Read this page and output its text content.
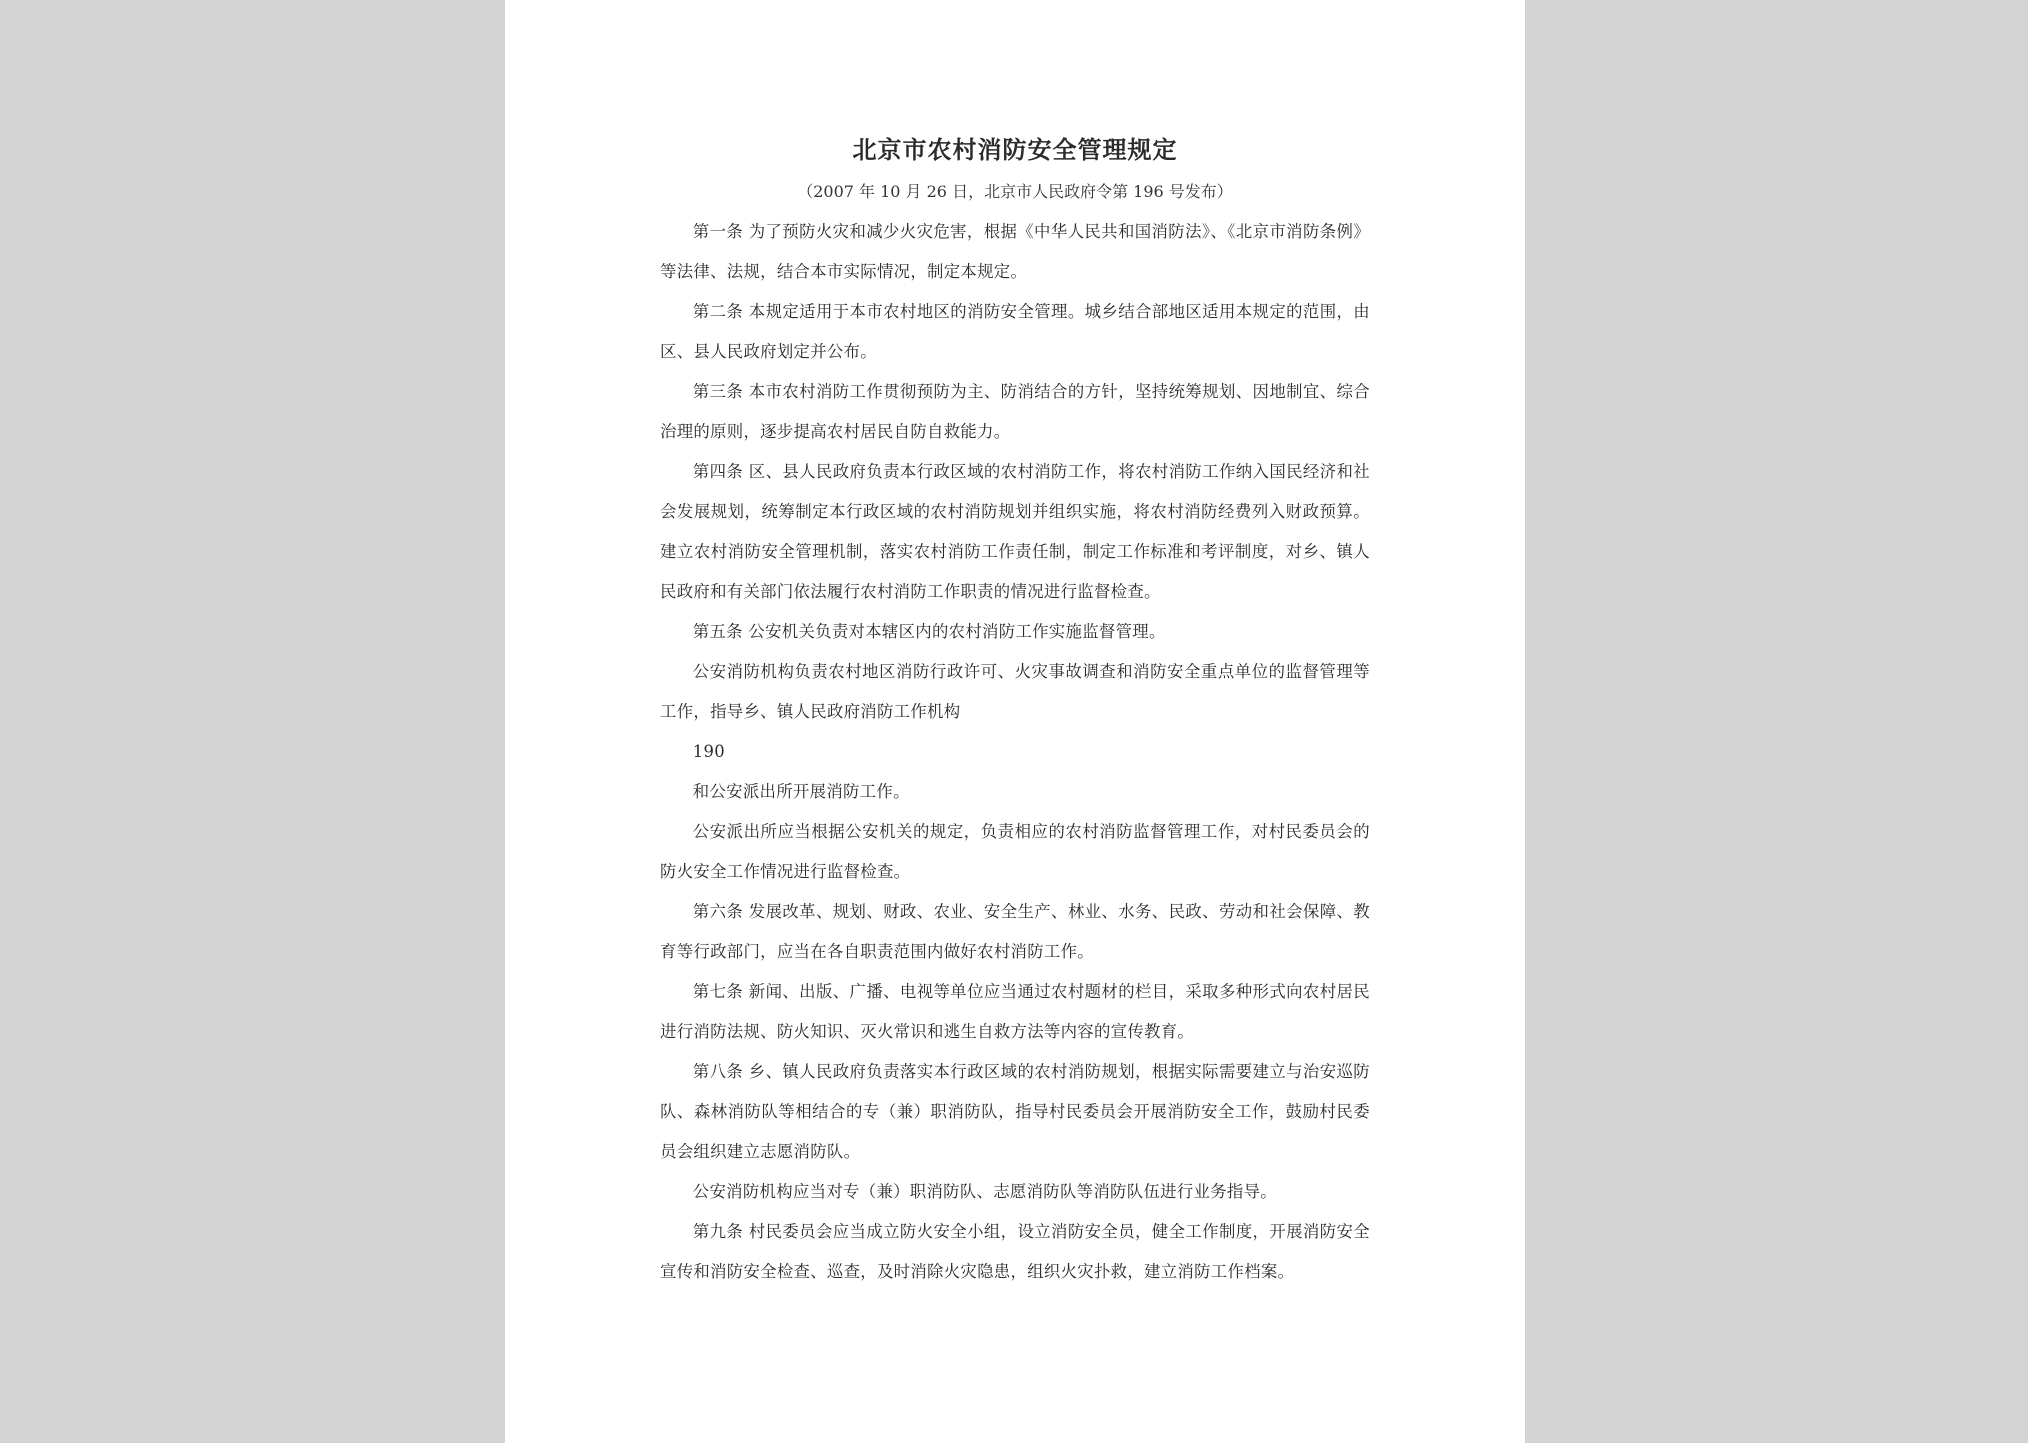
北京市农村消防安全管理规定
（2007 年 10 月 26 日，北京市人民政府令第 196 号发布）

第一条 为了预防火灾和减少火灾危害，根据《中华人民共和国消防法》、《北京市消防条例》等法律、法规，结合本市实际情况，制定本规定。

第二条 本规定适用于本市农村地区的消防安全管理。城乡结合部地区适用本规定的范围，由区、县人民政府划定并公布。

第三条 本市农村消防工作贯彻预防为主、防消结合的方针，坚持统筹规划、因地制宜、综合治理的原则，逐步提高农村居民自防自救能力。

第四条 区、县人民政府负责本行政区域的农村消防工作，将农村消防工作纳入国民经济和社会发展规划，统筹制定本行政区域的农村消防规划并组织实施，将农村消防经费列入财政预算。建立农村消防安全管理机制，落实农村消防工作责任制，制定工作标准和考评制度，对乡、镇人民政府和有关部门依法履行农村消防工作职责的情况进行监督检查。

第五条 公安机关负责对本辖区内的农村消防工作实施监督管理。

公安消防机构负责农村地区消防行政许可、火灾事故调查和消防安全重点单位的监督管理等工作，指导乡、镇人民政府消防工作机构

190

和公安派出所开展消防工作。

公安派出所应当根据公安机关的规定，负责相应的农村消防监督管理工作，对村民委员会的防火安全工作情况进行监督检查。

第六条 发展改革、规划、财政、农业、安全生产、林业、水务、民政、劳动和社会保障、教育等行政部门，应当在各自职责范围内做好农村消防工作。

第七条 新闻、出版、广播、电视等单位应当通过农村题材的栏目，采取多种形式向农村居民进行消防法规、防火知识、灭火常识和逃生自救方法等内容的宣传教育。

第八条 乡、镇人民政府负责落实本行政区域的农村消防规划，根据实际需要建立与治安巡防队、森林消防队等相结合的专（兼）职消防队，指导村民委员会开展消防安全工作，鼓励村民委员会组织建立志愿消防队。

公安消防机构应当对专（兼）职消防队、志愿消防队等消防队伍进行业务指导。

第九条 村民委员会应当成立防火安全小组，设立消防安全员，健全工作制度，开展消防安全宣传和消防安全检查、巡查，及时消除火灾隐患，组织火灾扑救，建立消防工作档案。
